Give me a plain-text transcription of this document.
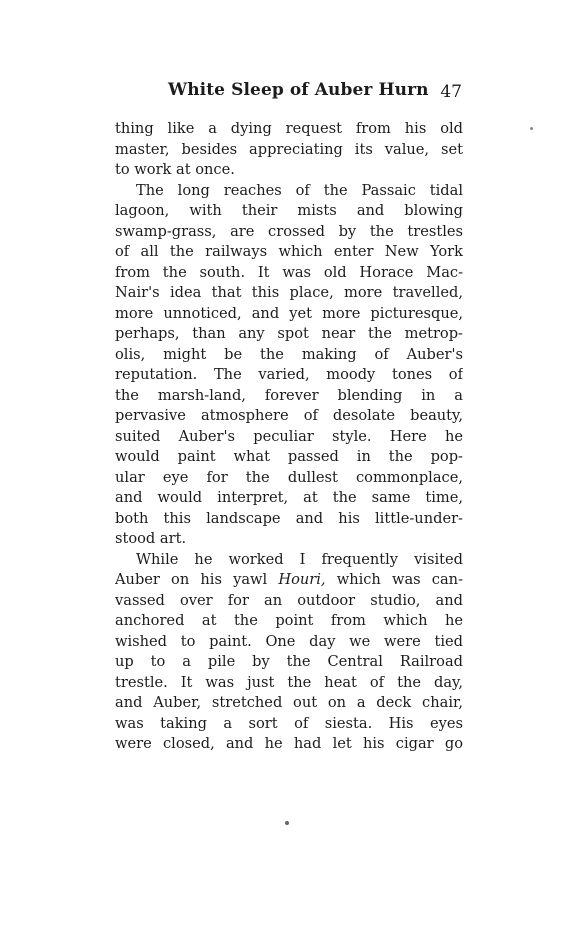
White Sleep of Auber Hurn 47
thing like a dying request from his old
master, besides appreciating its value, set
to work at once.
The long reaches of the Passaic tidal
lagoon, with their mists and blowing
swamp-grass, are crossed by the trestles
of all the railways which enter New York
from the south. It was old Horace Mac-
Nair's idea that this place, more travelled,
more unnoticed, and yet more picturesque,
perhaps, than any spot near the metrop-
olis, might be the making of Auber's
reputation. The varied, moody tones of
the marsh-land, forever blending in a
pervasive atmosphere of desolate beauty,
suited Auber's peculiar style. Here he
would paint what passed in the pop-
ular eye for the dullest commonplace,
and would interpret, at the same time,
both this landscape and his little-under-
stood art.
While he worked I frequently visited
Auber on his yawl Houri, which was can-
vassed over for an outdoor studio, and
anchored at the point from which he
wished to paint. One day we were tied
up to a pile by the Central Railroad
trestle. It was just the heat of the day,
and Auber, stretched out on a deck chair,
was taking a sort of siesta. His eyes
were closed, and he had let his cigar go
